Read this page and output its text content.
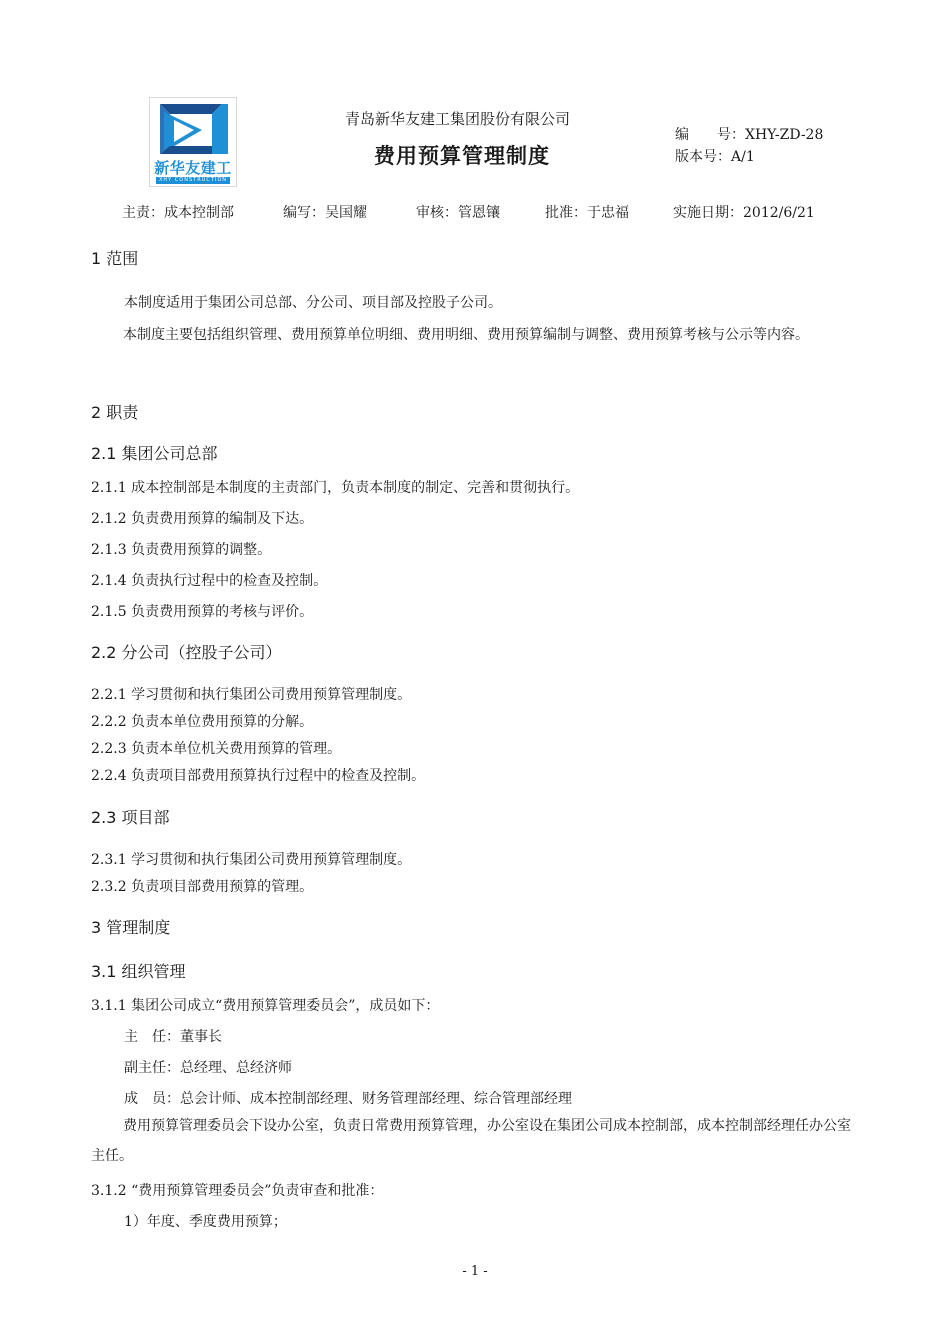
新华友建工
XHY CONSTRUCTION
青岛新华友建工集团股份有限公司
费用预算管理制度
编　　号：XHY-ZD-28
版本号：A/1
主责：成本控制部	编写：吴国耀	审核：管恩镶	批准：于忠福	实施日期：2012/6/21
1 范围
本制度适用于集团公司总部、分公司、项目部及控股子公司。
本制度主要包括组织管理、费用预算单位明细、费用明细、费用预算编制与调整、费用预算考核与公示等内容。
2 职责
2.1 集团公司总部
2.1.1 成本控制部是本制度的主责部门，负责本制度的制定、完善和贯彻执行。
2.1.2 负责费用预算的编制及下达。
2.1.3 负责费用预算的调整。
2.1.4 负责执行过程中的检查及控制。
2.1.5 负责费用预算的考核与评价。
2.2 分公司（控股子公司）
2.2.1 学习贯彻和执行集团公司费用预算管理制度。
2.2.2 负责本单位费用预算的分解。
2.2.3 负责本单位机关费用预算的管理。
2.2.4 负责项目部费用预算执行过程中的检查及控制。
2.3 项目部
2.3.1 学习贯彻和执行集团公司费用预算管理制度。
2.3.2 负责项目部费用预算的管理。
3 管理制度
3.1 组织管理
3.1.1 集团公司成立“费用预算管理委员会”，成员如下：
主　任：董事长
副主任：总经理、总经济师
成　员：总会计师、成本控制部经理、财务管理部经理、综合管理部经理
费用预算管理委员会下设办公室，负责日常费用预算管理，办公室设在集团公司成本控制部，成本控制部经理任办公室主任。
3.1.2 “费用预算管理委员会”负责审查和批准：
1）年度、季度费用预算；
- 1 -
